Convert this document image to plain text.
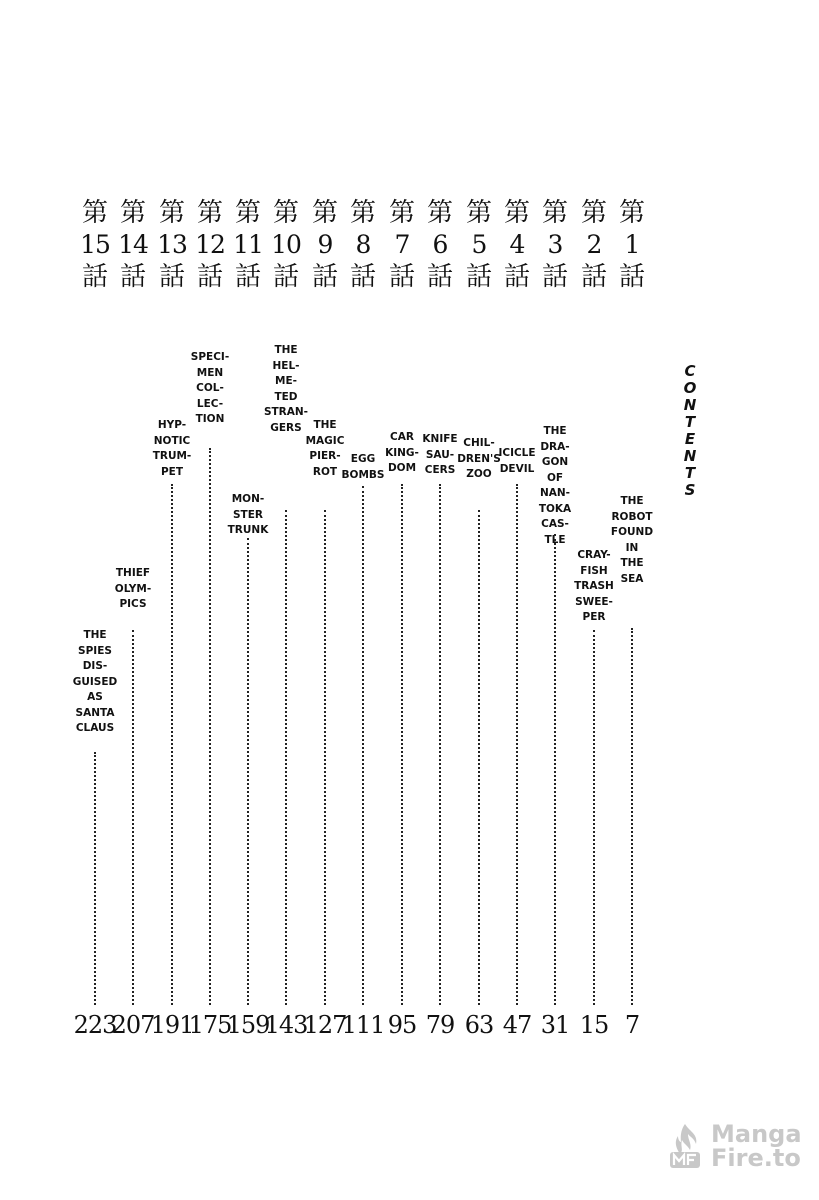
CONTENTS
第
15
話
THE
SPIES
DIS-
GUISED
AS
SANTA
CLAUS
223
第
14
話
THIEF
OLYM-
PICS
207
第
13
話
HYP-
NOTIC
TRUM-
PET
191
第
12
話
SPECI-
MEN
COL-
LEC-
TION
175
第
11
話
MON-
STER
TRUNK
159
第
10
話
THE
HEL-
ME-
TED
STRAN-
GERS
143
第
9
話
THE
MAGIC
PIER-
ROT
127
第
8
話
EGG
BOMBS
111
第
7
話
CAR
KING-
DOM
95
第
6
話
KNIFE
SAU-
CERS
79
第
5
話
CHIL-
DREN'S
ZOO
63
第
4
話
ICICLE
DEVIL
47
第
3
話
THE
DRA-
GON
OF
NAN-
TOKA
CAS-
TLE
31
第
2
話
CRAY-
FISH
TRASH
SWEE-
PER
15
第
1
話
THE
ROBOT
FOUND
IN
THE
SEA
7
Manga
Fire.to
